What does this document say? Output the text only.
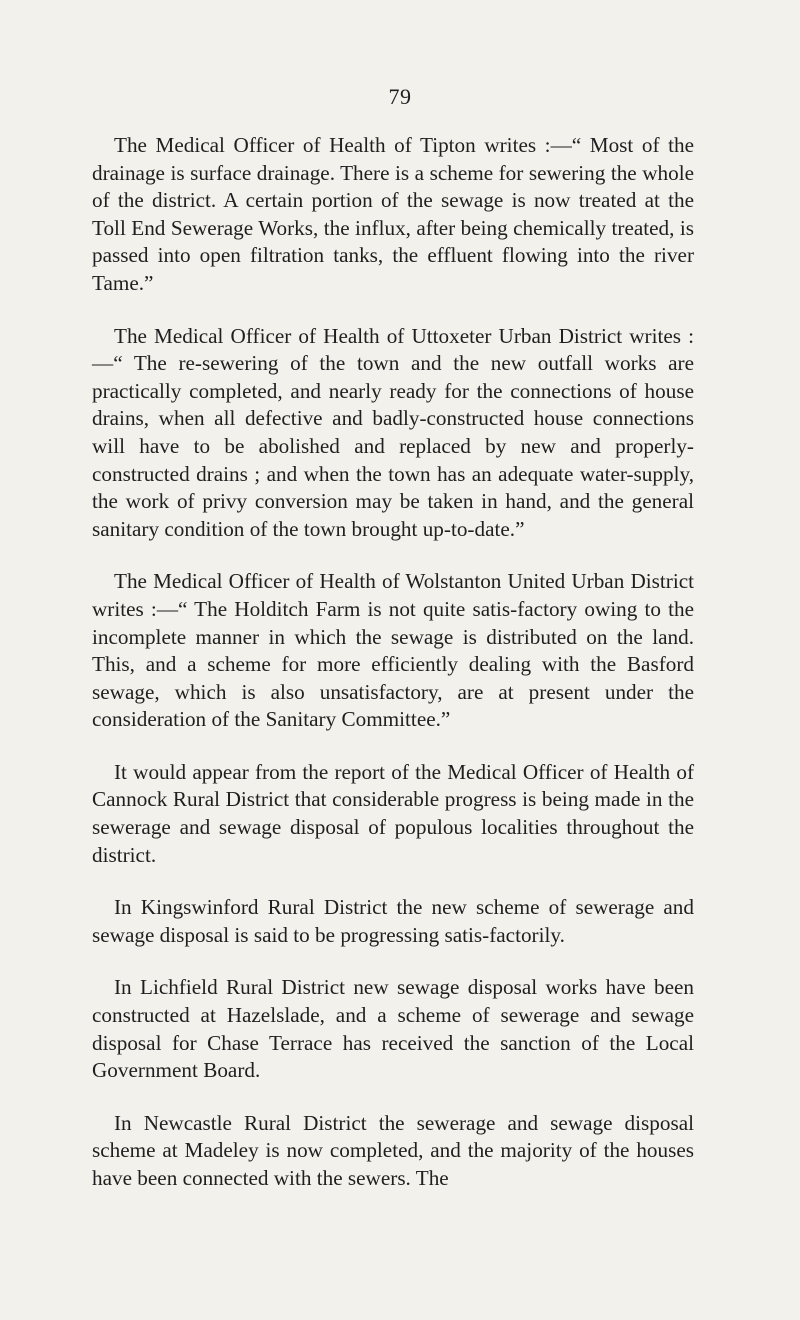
79

The Medical Officer of Health of Tipton writes :—“ Most of the drainage is surface drainage. There is a scheme for sewering the whole of the district. A certain portion of the sewage is now treated at the Toll End Sewerage Works, the influx, after being chemically treated, is passed into open filtration tanks, the effluent flowing into the river Tame.”

The Medical Officer of Health of Uttoxeter Urban District writes :—“ The re-sewering of the town and the new outfall works are practically completed, and nearly ready for the connections of house drains, when all defective and badly-constructed house connections will have to be abolished and replaced by new and properly-constructed drains ; and when the town has an adequate water-supply, the work of privy conversion may be taken in hand, and the general sanitary condition of the town brought up-to-date.”

The Medical Officer of Health of Wolstanton United Urban District writes :—“ The Holditch Farm is not quite satis-factory owing to the incomplete manner in which the sewage is distributed on the land. This, and a scheme for more efficiently dealing with the Basford sewage, which is also unsatisfactory, are at present under the consideration of the Sanitary Committee.”

It would appear from the report of the Medical Officer of Health of Cannock Rural District that considerable progress is being made in the sewerage and sewage disposal of populous localities throughout the district.

In Kingswinford Rural District the new scheme of sewerage and sewage disposal is said to be progressing satis-factorily.

In Lichfield Rural District new sewage disposal works have been constructed at Hazelslade, and a scheme of sewerage and sewage disposal for Chase Terrace has received the sanction of the Local Government Board.

In Newcastle Rural District the sewerage and sewage disposal scheme at Madeley is now completed, and the majority of the houses have been connected with the sewers. The
